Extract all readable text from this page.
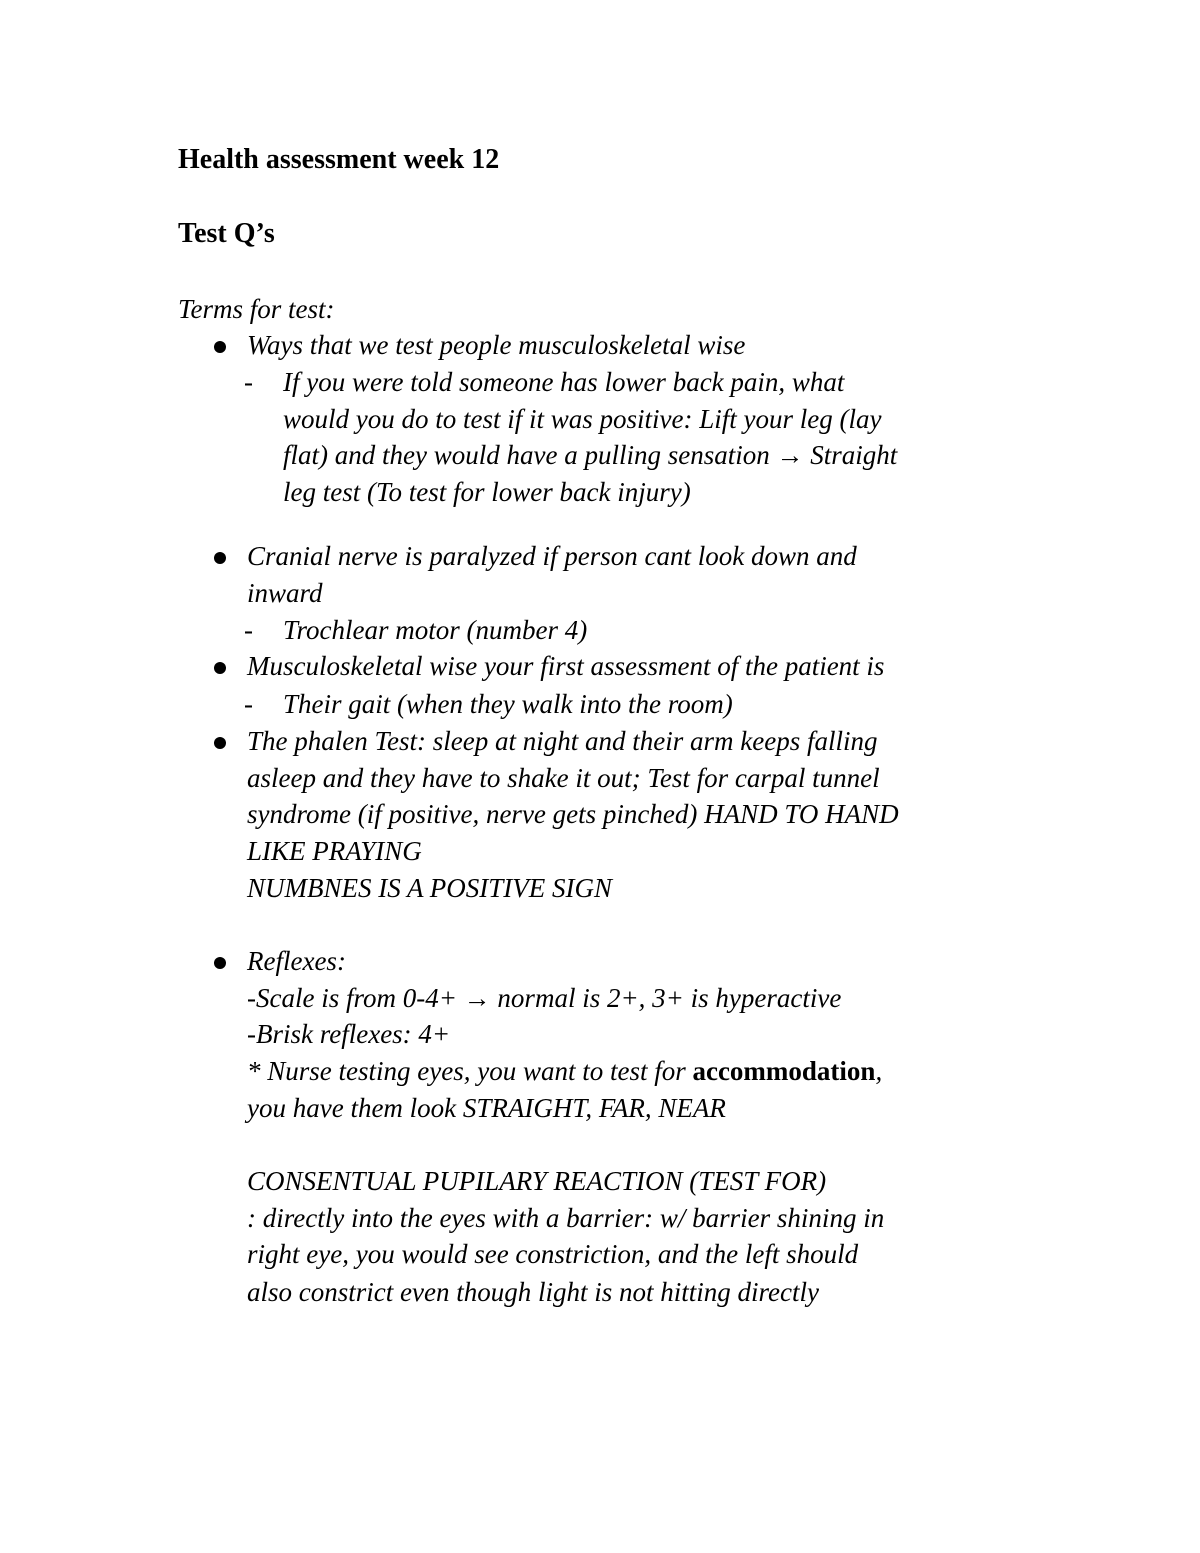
Health assessment week 12
Test Q’s
Terms for test:
Ways that we test people musculoskeletal wise
- If you were told someone has lower back pain, what
would you do to test if it was positive: Lift your leg (lay
flat) and they would have a pulling sensation → Straight
leg test (To test for lower back injury)
Cranial nerve is paralyzed if person cant look down and
inward
- Trochlear motor (number 4)
Musculoskeletal wise your first assessment of the patient is
- Their gait (when they walk into the room)
The phalen Test: sleep at night and their arm keeps falling
asleep and they have to shake it out; Test for carpal tunnel
syndrome (if positive, nerve gets pinched) HAND TO HAND
LIKE PRAYING
NUMBNES IS A POSITIVE SIGN
Reflexes:
-Scale is from 0-4+ → normal is 2+, 3+ is hyperactive
-Brisk reflexes: 4+
* Nurse testing eyes, you want to test for accommodation,
you have them look STRAIGHT, FAR, NEAR
CONSENTUAL PUPILARY REACTION (TEST FOR)
: directly into the eyes with a barrier: w/ barrier shining in
right eye, you would see constriction, and the left should
also constrict even though light is not hitting directly
